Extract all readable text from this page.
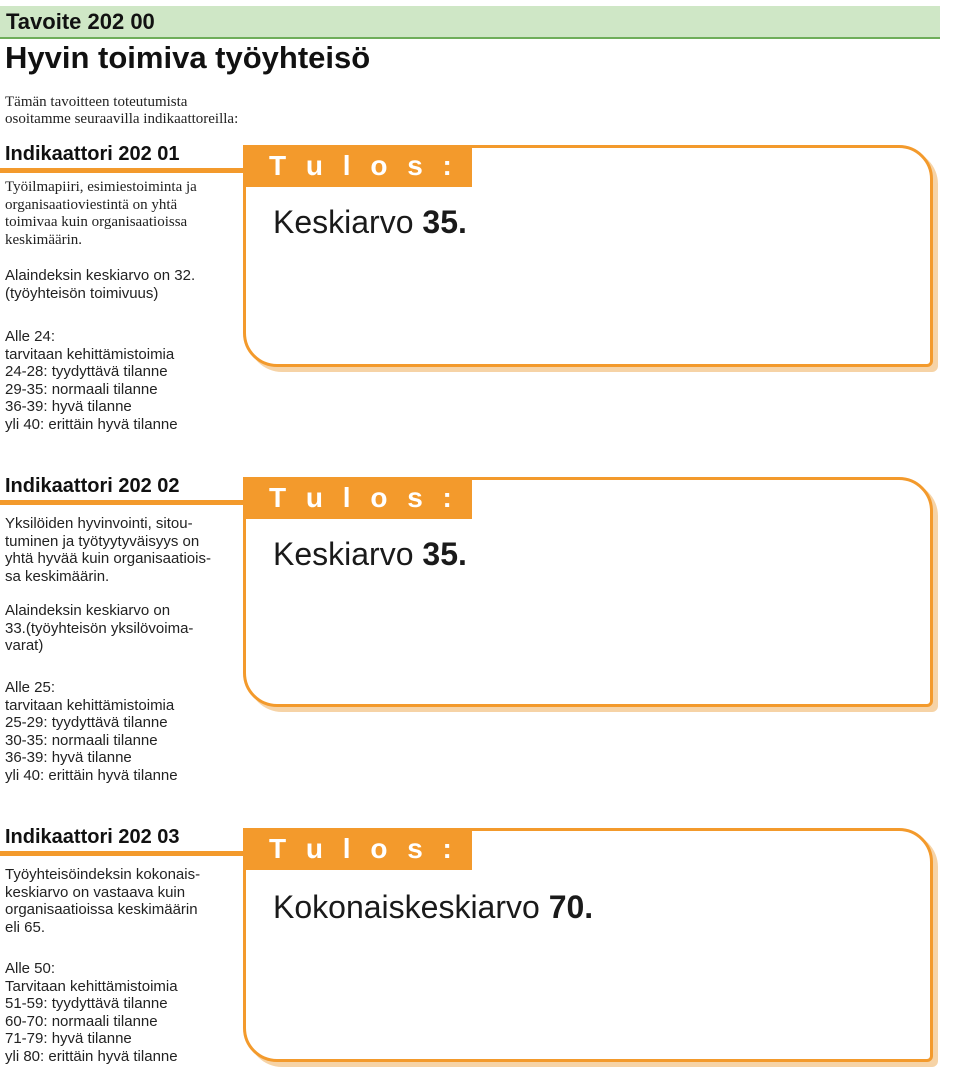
Tavoite 202 00
Hyvin toimiva työyhteisö
Tämän tavoitteen toteutumista
osoitamme seuraavilla indikaattoreilla:
Indikaattori 202 01
Työilmapiiri, esimiestoiminta ja
organisaatioviestintä on yhtä
toimivaa kuin organisaatioissa
keskimäärin.
Alaindeksin keskiarvo on 32.
(työyhteisön toimivuus)
Alle 24:
tarvitaan kehittämistoimia
24-28: tyydyttävä tilanne
29-35: normaali tilanne
36-39: hyvä tilanne
yli 40: erittäin hyvä tilanne
T u l o s :
Keskiarvo 35.
Indikaattori 202 02
Yksilöiden hyvinvointi, sitou-
tuminen ja työtyytyväisyys on
yhtä hyvää kuin organisaatiois-
sa keskimäärin.
Alaindeksin keskiarvo on
33.(työyhteisön yksilövoima-
varat)
Alle 25:
tarvitaan kehittämistoimia
25-29: tyydyttävä tilanne
30-35: normaali tilanne
36-39: hyvä tilanne
yli 40: erittäin hyvä tilanne
T u l o s :
Keskiarvo 35.
Indikaattori 202 03
Työyhteisöindeksin kokonais-
keskiarvo on vastaava kuin
organisaatioissa keskimäärin
eli 65.
Alle 50:
Tarvitaan kehittämistoimia
51-59: tyydyttävä tilanne
60-70: normaali tilanne
71-79: hyvä tilanne
yli 80: erittäin hyvä tilanne
T u l o s :
Kokonaiskeskiarvo 70.
